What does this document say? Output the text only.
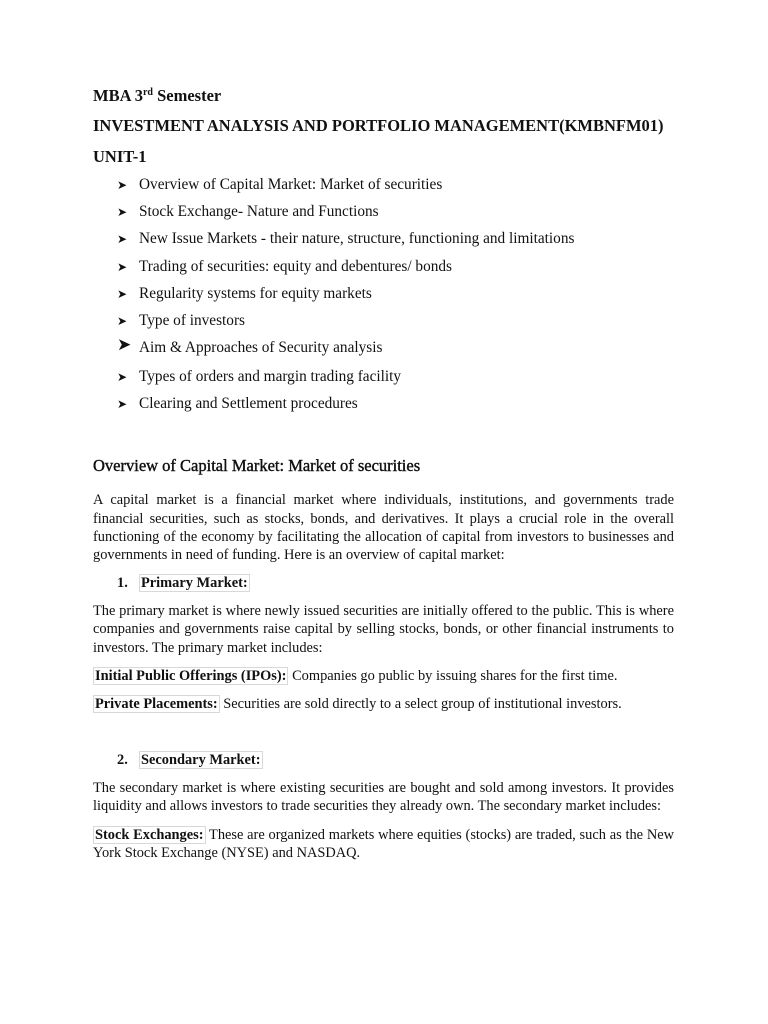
MBA 3rd Semester

INVESTMENT ANALYSIS AND PORTFOLIO MANAGEMENT(KMBNFM01)

UNIT-1

➤ Overview of Capital Market: Market of securities
➤ Stock Exchange- Nature and Functions
➤ New Issue Markets - their nature, structure, functioning and limitations
➤ Trading of securities: equity and debentures/ bonds
➤ Regularity systems for equity markets
➤ Type of investors
➤ Aim & Approaches of Security analysis
➤ Types of orders and margin trading facility
➤ Clearing and Settlement procedures

Overview of Capital Market: Market of securities

A capital market is a financial market where individuals, institutions, and governments trade financial securities, such as stocks, bonds, and derivatives. It plays a crucial role in the overall functioning of the economy by facilitating the allocation of capital from investors to businesses and governments in need of funding. Here is an overview of capital market:

1. Primary Market:

The primary market is where newly issued securities are initially offered to the public. This is where companies and governments raise capital by selling stocks, bonds, or other financial instruments to investors. The primary market includes:

Initial Public Offerings (IPOs): Companies go public by issuing shares for the first time.

Private Placements: Securities are sold directly to a select group of institutional investors.

2. Secondary Market:

The secondary market is where existing securities are bought and sold among investors. It provides liquidity and allows investors to trade securities they already own. The secondary market includes:

Stock Exchanges: These are organized markets where equities (stocks) are traded, such as the New York Stock Exchange (NYSE) and NASDAQ.
